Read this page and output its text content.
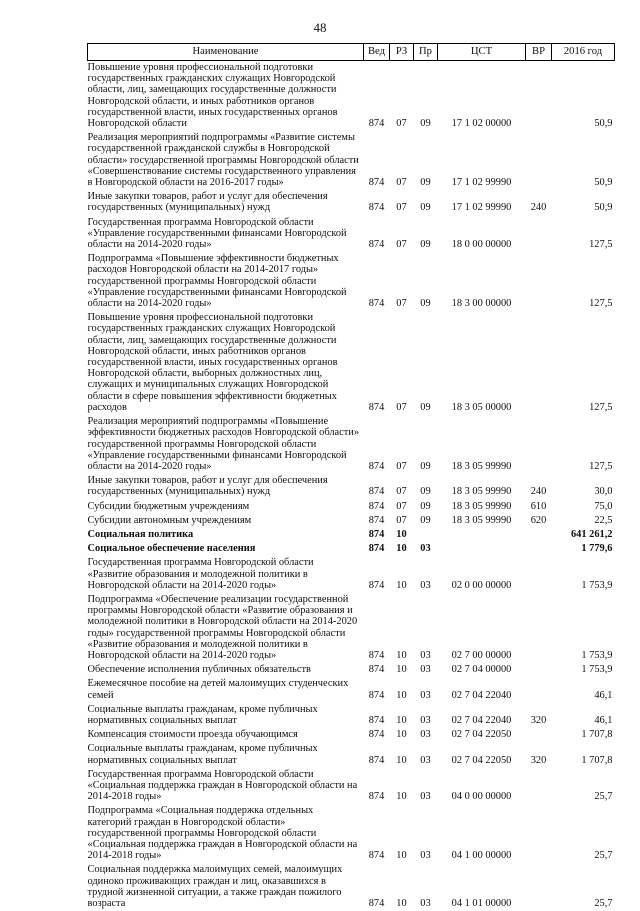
48
Наименование	Вед	РЗ	Пр	ЦСТ	ВР	2016 год
Повышение уровня профессиональной подготовки государственных гражданских служащих Новгородской области, лиц, замещающих государственные должности Новгородской области, и иных работников органов государственной власти, иных государственных органов Новгородской области	874	07	09	17 1 02 00000		50,9
Реализация мероприятий подпрограммы «Развитие системы государственной гражданской службы в Новгородской области» государственной программы Новгородской области «Совершенствование системы государственного управления в Новгородской области на 2016-2017 годы»	874	07	09	17 1 02 99990		50,9
Иные закупки товаров, работ и услуг для обеспечения государственных (муниципальных) нужд	874	07	09	17 1 02 99990	240	50,9
Государственная программа Новгородской области «Управление государственными финансами Новгородской области на 2014-2020 годы»	874	07	09	18 0 00 00000		127,5
Подпрограмма «Повышение эффективности бюджетных расходов Новгородской области на 2014-2017 годы» государственной программы Новгородской области «Управление государственными финансами Новгородской области на 2014-2020 годы»	874	07	09	18 3 00 00000		127,5
Повышение уровня профессиональной подготовки государственных гражданских служащих Новгородской области, лиц, замещающих государственные должности Новгородской области, иных работников органов государственной власти, иных государственных органов Новгородской области, выборных должностных лиц, служащих и муниципальных служащих Новгородской области в сфере повышения эффективности бюджетных расходов	874	07	09	18 3 05 00000		127,5
Реализация мероприятий подпрограммы «Повышение эффективности бюджетных расходов Новгородской области» государственной программы Новгородской области «Управление государственными финансами Новгородской области на 2014-2020 годы»	874	07	09	18 3 05 99990		127,5
Иные закупки товаров, работ и услуг для обеспечения государственных (муниципальных) нужд	874	07	09	18 3 05 99990	240	30,0
Субсидии бюджетным учреждениям	874	07	09	18 3 05 99990	610	75,0
Субсидии автономным учреждениям	874	07	09	18 3 05 99990	620	22,5
Социальная политика	874	10				641 261,2
Социальное обеспечение населения	874	10	03			1 779,6
Государственная программа Новгородской области «Развитие образования и молодежной политики в Новгородской области на 2014-2020 годы»	874	10	03	02 0 00 00000		1 753,9
Подпрограмма «Обеспечение реализации государственной программы Новгородской области «Развитие образования и молодежной политики в Новгородской области на 2014-2020 годы» государственной программы Новгородской области «Развитие образования и молодежной политики в Новгородской области на 2014-2020 годы»	874	10	03	02 7 00 00000		1 753,9
Обеспечение исполнения публичных обязательств	874	10	03	02 7 04 00000		1 753,9
Ежемесячное пособие на детей малоимущих студенческих семей	874	10	03	02 7 04 22040		46,1
Социальные выплаты гражданам, кроме публичных нормативных социальных выплат	874	10	03	02 7 04 22040	320	46,1
Компенсация стоимости проезда обучающимся	874	10	03	02 7 04 22050		1 707,8
Социальные выплаты гражданам, кроме публичных нормативных социальных выплат	874	10	03	02 7 04 22050	320	1 707,8
Государственная программа Новгородской области «Социальная поддержка граждан в Новгородской области на 2014-2018 годы»	874	10	03	04 0 00 00000		25,7
Подпрограмма «Социальная поддержка отдельных категорий граждан в Новгородской области» государственной программы Новгородской области «Социальная поддержка граждан в Новгородской области на 2014-2018 годы»	874	10	03	04 1 00 00000		25,7
Социальная поддержка малоимущих семей, малоимущих одиноко проживающих граждан и лиц, оказавшихся в трудной жизненной ситуации, а также граждан пожилого возраста	874	10	03	04 1 01 00000		25,7
